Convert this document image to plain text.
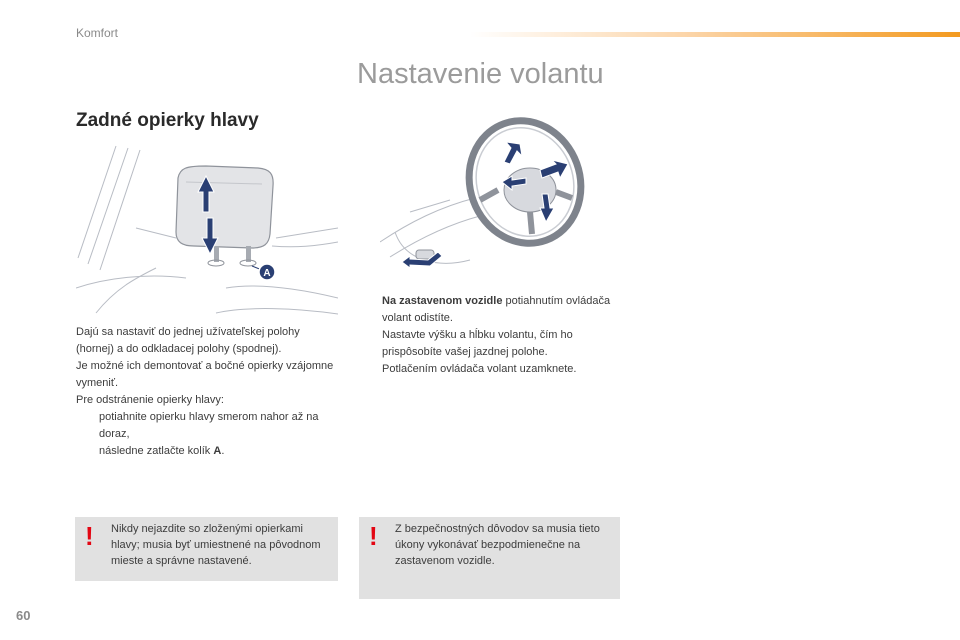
Komfort
Nastavenie volantu
Zadné opierky hlavy
A

Dajú sa nastaviť do jednej užívateľskej polohy (hornej) a do odkladacej polohy (spodnej).

Je možné ich demontovať a bočné opierky vzájomne vymeniť.

Pre odstránenie opierky hlavy:

potiahnite opierku hlavy smerom nahor až na doraz,
následne zatlačte kolík A.
Na zastavenom vozidle potiahnutím ovládača volant odistíte.
Nastavte výšku a hĺbku volantu, čím ho prispôsobíte vašej jazdnej polohe.
Potlačením ovládača volant uzamknete.
!	Nikdy nejazdite so zloženými opierkami hlavy; musia byť umiestnené na pôvodnom mieste a správne nastavené.
!	Z bezpečnostných dôvodov sa musia tieto úkony vykonávať bezpodmienečne na zastavenom vozidle.
60
